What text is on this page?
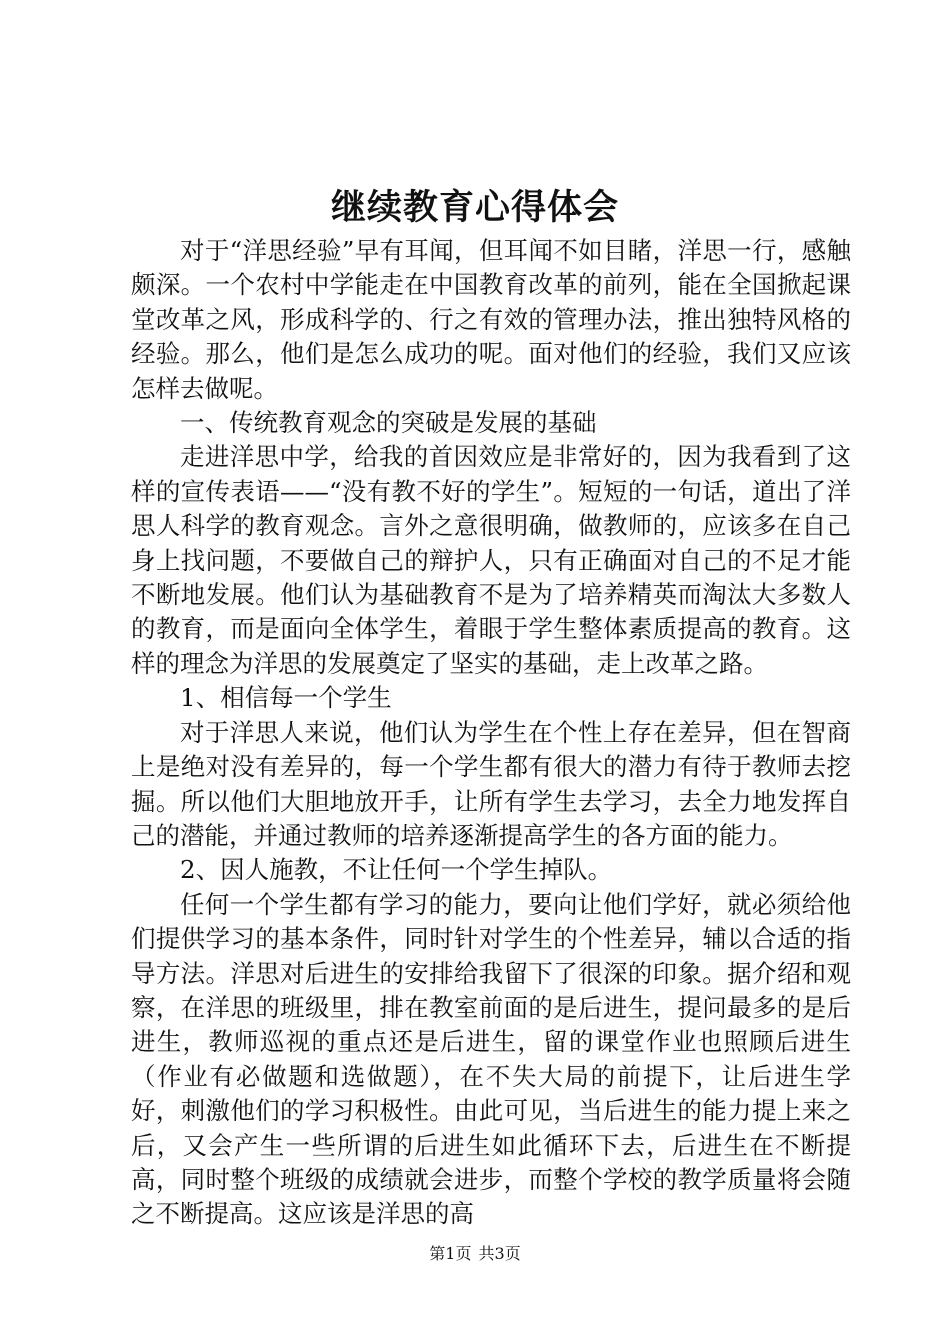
继续教育心得体会

对于“洋思经验”早有耳闻，但耳闻不如目睹，洋思一行，感触颇深。一个农村中学能走在中国教育改革的前列，能在全国掀起课堂改革之风，形成科学的、行之有效的管理办法，推出独特风格的经验。那么，他们是怎么成功的呢。面对他们的经验，我们又应该怎样去做呢。

一、传统教育观念的突破是发展的基础

走进洋思中学，给我的首因效应是非常好的，因为我看到了这样的宣传表语——“没有教不好的学生”。短短的一句话，道出了洋思人科学的教育观念。言外之意很明确，做教师的，应该多在自己身上找问题，不要做自己的辩护人，只有正确面对自己的不足才能不断地发展。他们认为基础教育不是为了培养精英而淘汰大多数人的教育，而是面向全体学生，着眼于学生整体素质提高的教育。这样的理念为洋思的发展奠定了坚实的基础，走上改革之路。

1、相信每一个学生

对于洋思人来说，他们认为学生在个性上存在差异，但在智商上是绝对没有差异的，每一个学生都有很大的潜力有待于教师去挖掘。所以他们大胆地放开手，让所有学生去学习，去全力地发挥自己的潜能，并通过教师的培养逐渐提高学生的各方面的能力。

2、因人施教，不让任何一个学生掉队。

任何一个学生都有学习的能力，要向让他们学好，就必须给他们提供学习的基本条件，同时针对学生的个性差异，辅以合适的指导方法。洋思对后进生的安排给我留下了很深的印象。据介绍和观察，在洋思的班级里，排在教室前面的是后进生，提问最多的是后进生，教师巡视的重点还是后进生，留的课堂作业也照顾后进生（作业有必做题和选做题），在不失大局的前提下，让后进生学好，刺激他们的学习积极性。由此可见，当后进生的能力提上来之后，又会产生一些所谓的后进生如此循环下去，后进生在不断提高，同时整个班级的成绩就会进步，而整个学校的教学质量将会随之不断提高。这应该是洋思的高

第1页 共3页
